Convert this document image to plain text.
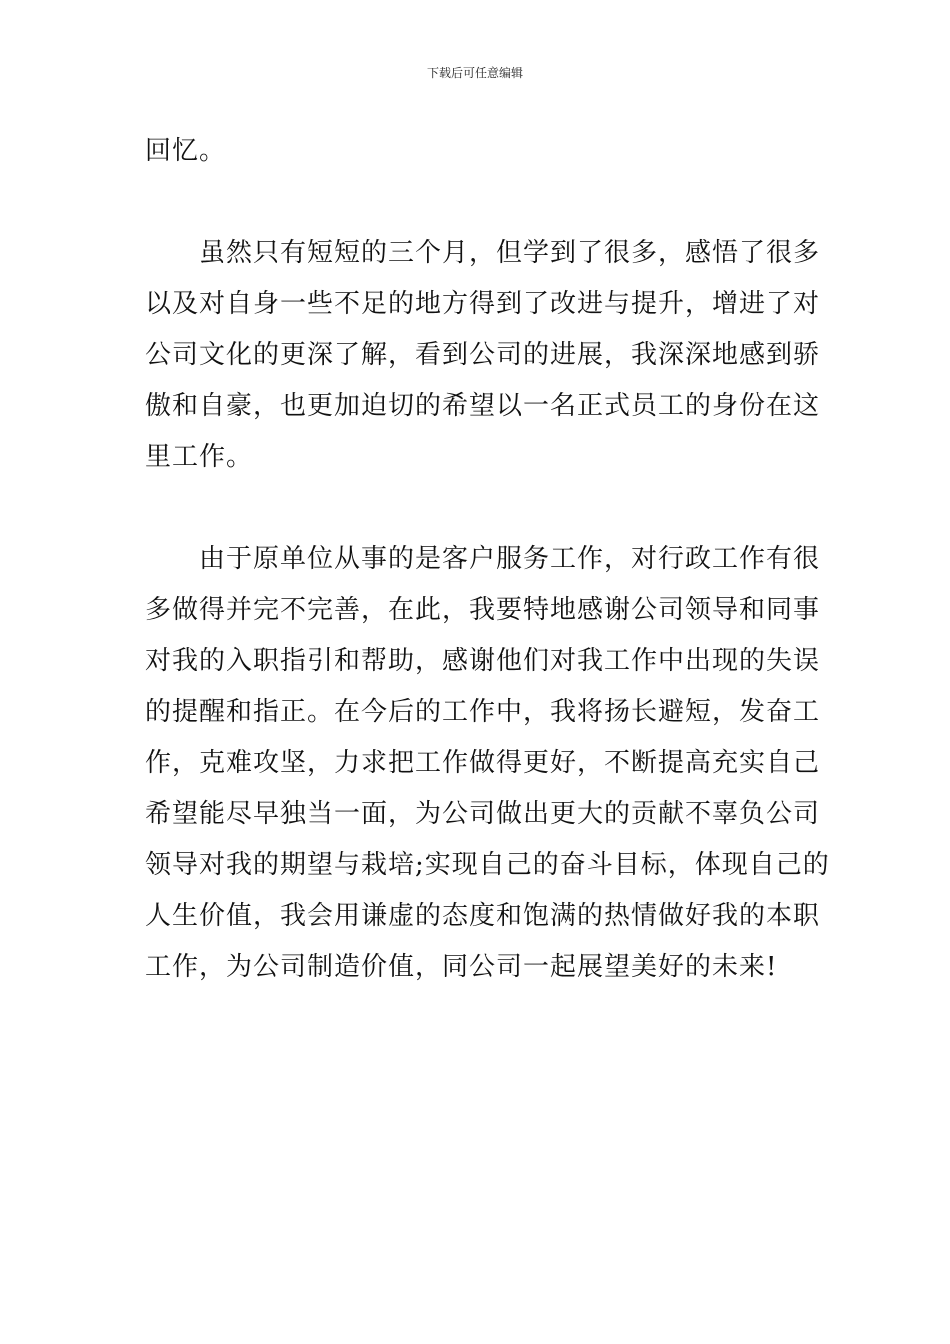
下载后可任意编辑
回忆。
虽然只有短短的三个月，但学到了很多，感悟了很多
以及对自身一些不足的地方得到了改进与提升，增进了对
公司文化的更深了解，看到公司的进展，我深深地感到骄
傲和自豪，也更加迫切的希望以一名正式员工的身份在这
里工作。
由于原单位从事的是客户服务工作，对行政工作有很
多做得并完不完善，在此，我要特地感谢公司领导和同事
对我的入职指引和帮助，感谢他们对我工作中出现的失误
的提醒和指正。在今后的工作中，我将扬长避短，发奋工
作，克难攻坚，力求把工作做得更好，不断提高充实自己
希望能尽早独当一面，为公司做出更大的贡献不辜负公司
领导对我的期望与栽培;实现自己的奋斗目标，体现自己的
人生价值，我会用谦虚的态度和饱满的热情做好我的本职
工作，为公司制造价值，同公司一起展望美好的未来!
